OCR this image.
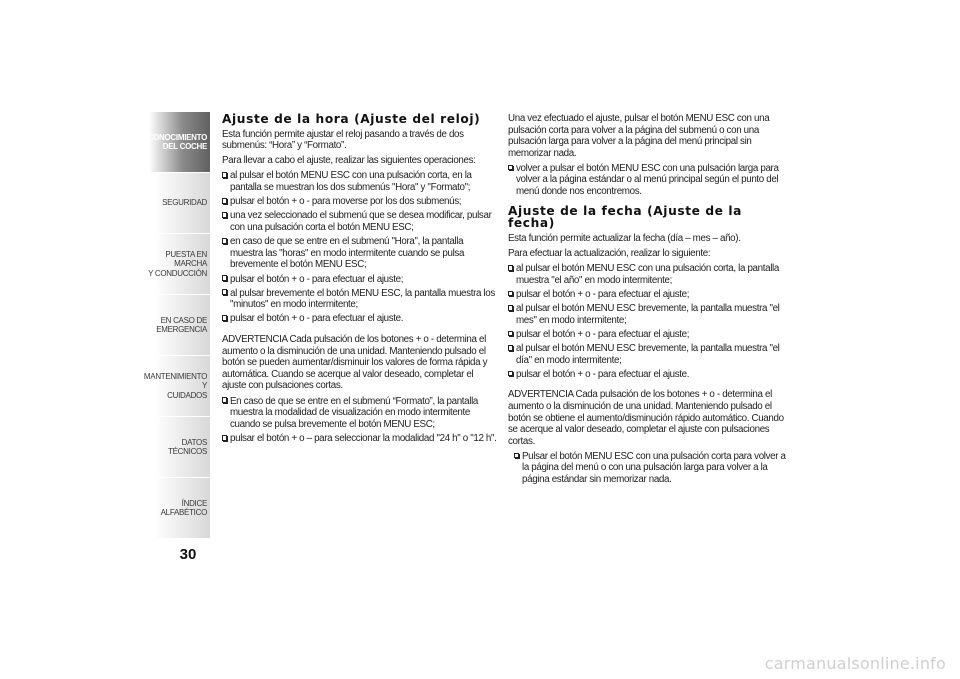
CONOCIMIENTO
DEL COCHE
SEGURIDAD
PUESTA EN MARCHA
Y CONDUCCIÓN
EN CASO DE
EMERGENCIA
MANTENIMIENTO Y
CUIDADOS
DATOS TÉCNICOS
ÍNDICE ALFABÉTICO
30
Ajuste de la hora (Ajuste del reloj)

Esta función permite ajustar el reloj pasando a través de dos submenús: “Hora” y “Formato”.

Para llevar a cabo el ajuste, realizar las siguientes operaciones:

al pulsar el botón MENU ESC con una pulsación corta, en la pantalla se muestran los dos submenús "Hora" y "Formato";
pulsar el botón + o - para moverse por los dos submenús;
una vez seleccionado el submenú que se desea modificar, pulsar con una pulsación corta el botón MENU ESC;
en caso de que se entre en el submenú "Hora", la pantalla muestra las "horas" en modo intermitente cuando se pulsa brevemente el botón MENU ESC;
pulsar el botón + o - para efectuar el ajuste;
al pulsar brevemente el botón MENU ESC, la pantalla muestra los "minutos" en modo intermitente;
pulsar el botón + o - para efectuar el ajuste.

ADVERTENCIA Cada pulsación de los botones + o - determina el aumento o la disminución de una unidad. Manteniendo pulsado el botón se pueden aumentar/disminuir los valores de forma rápida y automática. Cuando se acerque al valor deseado, completar el ajuste con pulsaciones cortas.

En caso de que se entre en el submenú “Formato”, la pantalla muestra la modalidad de visualización en modo intermitente cuando se pulsa brevemente el botón MENU ESC;
pulsar el botón + o – para seleccionar la modalidad "24 h" o "12 h".

Una vez efectuado el ajuste, pulsar el botón MENU ESC con una pulsación corta para volver a la página del submenú o con una pulsación larga para volver a la página del menú principal sin memorizar nada.

volver a pulsar el botón MENU ESC con una pulsación larga para volver a la página estándar o al menú principal según el punto del menú donde nos encontremos.
Ajuste de la fecha (Ajuste de la fecha)

Esta función permite actualizar la fecha (día – mes – año).

Para efectuar la actualización, realizar lo siguiente:

al pulsar el botón MENU ESC con una pulsación corta, la pantalla muestra "el año" en modo intermitente;
pulsar el botón + o - para efectuar el ajuste;
al pulsar el botón MENU ESC brevemente, la pantalla muestra "el mes" en modo intermitente;
pulsar el botón + o - para efectuar el ajuste;
al pulsar el botón MENU ESC brevemente, la pantalla muestra "el día" en modo intermitente;
pulsar el botón + o - para efectuar el ajuste.

ADVERTENCIA Cada pulsación de los botones + o - determina el aumento o la disminución de una unidad. Manteniendo pulsado el botón se obtiene el aumento/disminución rápido automático. Cuando se acerque al valor deseado, completar el ajuste con pulsaciones cortas.

Pulsar el botón MENU ESC con una pulsación corta para volver a la página del menú o con una pulsación larga para volver a la página estándar sin memorizar nada.
carmanualsonline.info
